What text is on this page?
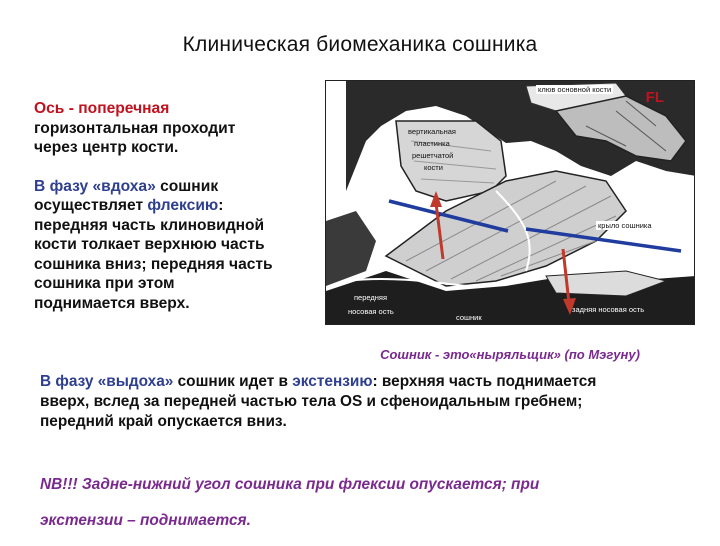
Клиническая биомеханика сошника

Ось - поперечная

горизонтальная проходит

через центр кости.

В фазу «вдоха» сошник

осуществляет флексию:

передняя часть клиновидной

кости толкает верхнюю часть

сошника вниз; передняя часть

сошника при этом

поднимается вверх.

FL
клюв основной кости
вертикальная
пластинка
решетчатой
кости
крыло сошника
передняя
носовая ость
сошник
задняя носовая ость
Сошник - это«ныряльщик» (по Мэгуну)

В фазу «выдоха» сошник идет в экстензию: верхняя часть поднимается

вверх, вслед за передней частью тела OS и сфеноидальным гребнем;

передний край опускается вниз.

NB!!! Задне-нижний угол сошника при флексии опускается; при

экстензии – поднимается.
